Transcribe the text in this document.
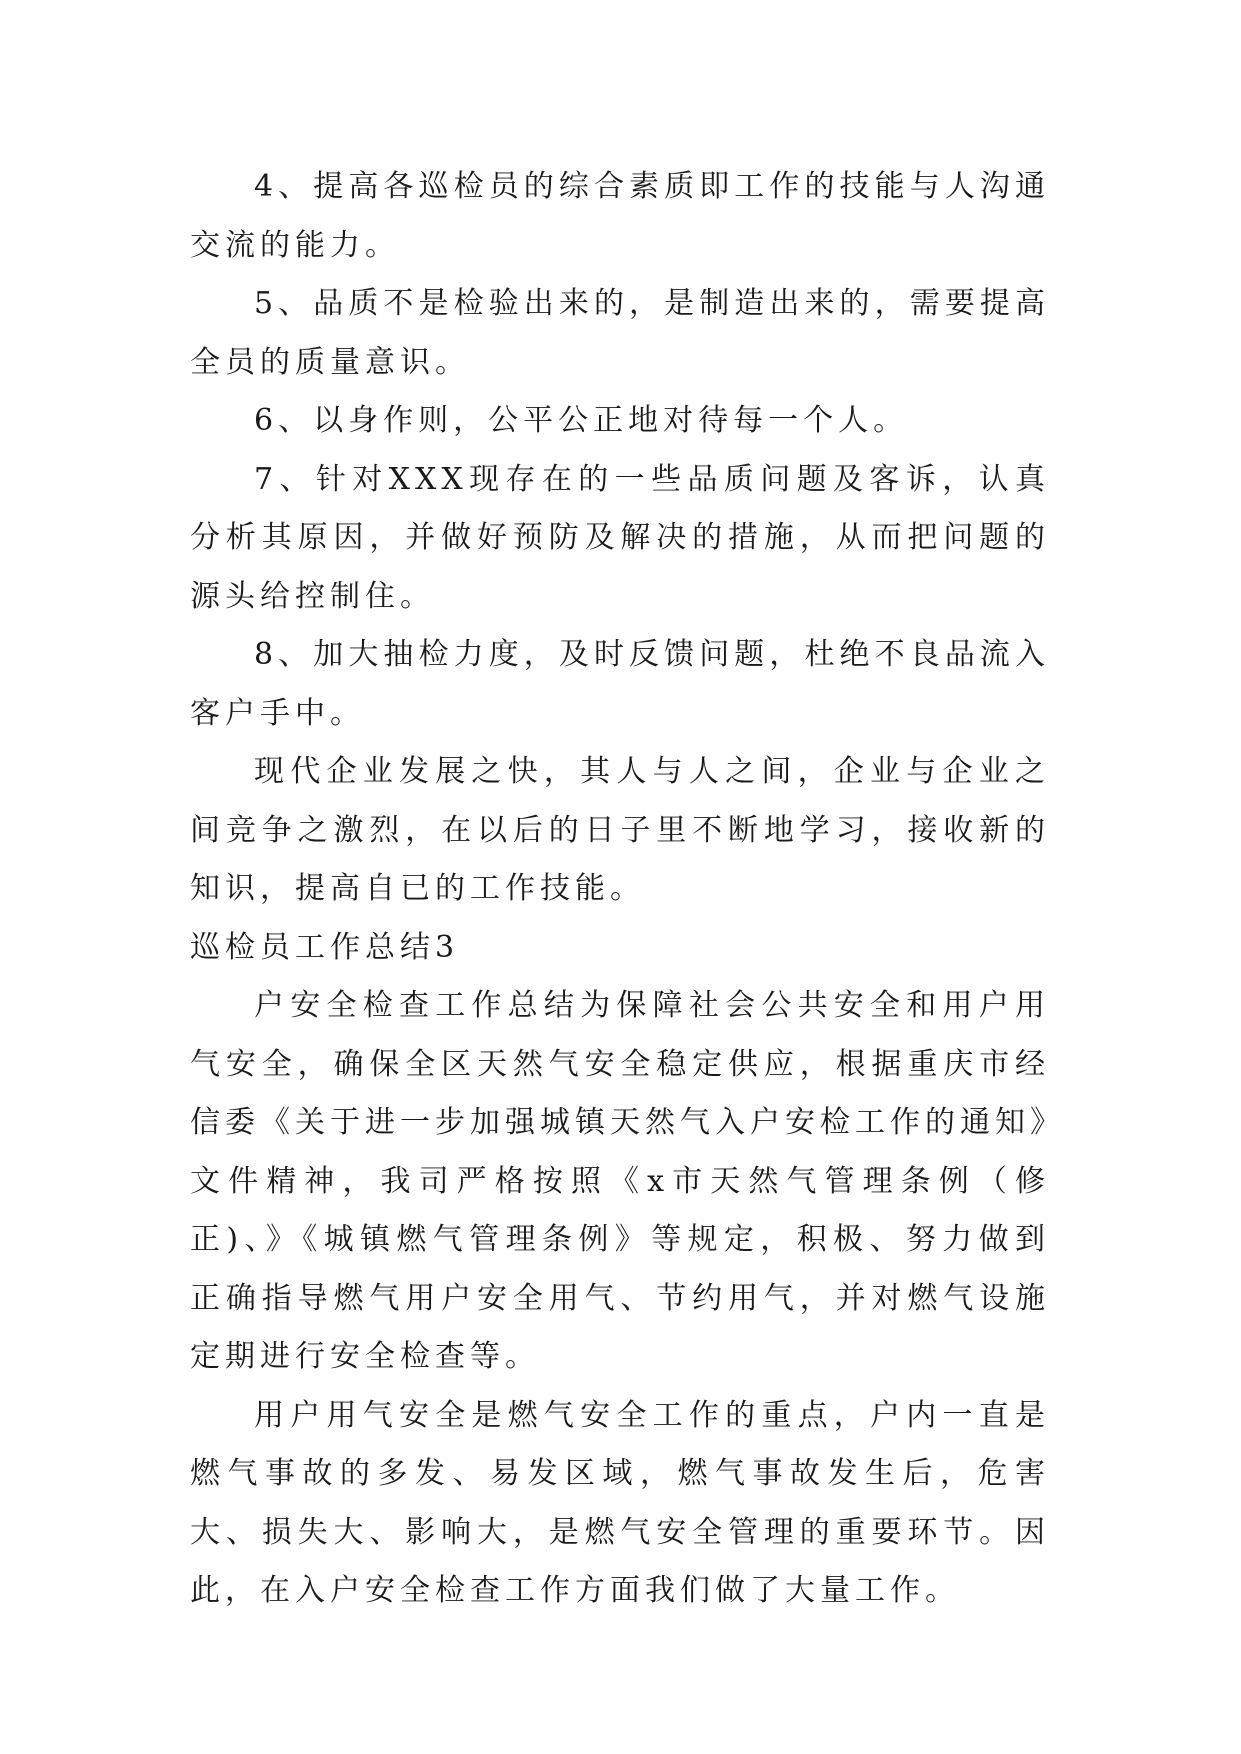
4、提高各巡检员的综合素质即工作的技能与人沟通交流的能力。

5、品质不是检验出来的，是制造出来的，需要提高全员的质量意识。

6、以身作则，公平公正地对待每一个人。

7、针对XXX现存在的一些品质问题及客诉，认真分析其原因，并做好预防及解决的措施，从而把问题的源头给控制住。

8、加大抽检力度，及时反馈问题，杜绝不良品流入客户手中。

现代企业发展之快，其人与人之间，企业与企业之间竞争之激烈，在以后的日子里不断地学习，接收新的知识，提高自已的工作技能。

巡检员工作总结3

户安全检查工作总结为保障社会公共安全和用户用气安全，确保全区天然气安全稳定供应，根据重庆市经信委《关于进一步加强城镇天然气入户安检工作的通知》文件精神，我司严格按照《x市天然气管理条例（修正)、》《城镇燃气管理条例》等规定，积极、努力做到正确指导燃气用户安全用气、节约用气，并对燃气设施定期进行安全检查等。

用户用气安全是燃气安全工作的重点，户内一直是燃气事故的多发、易发区域，燃气事故发生后，危害大、损失大、影响大，是燃气安全管理的重要环节。因此，在入户安全检查工作方面我们做了大量工作。
